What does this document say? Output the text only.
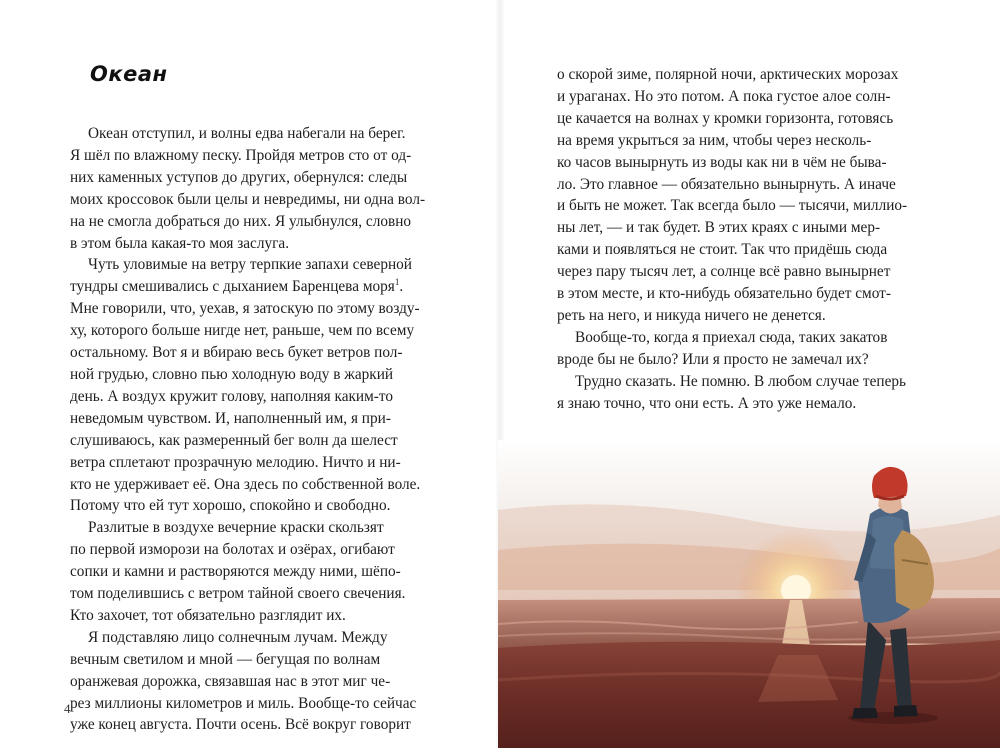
Океан
Океан отступил, и волны едва набегали на берег.
Я шёл по влажному песку. Пройдя метров сто от од-
них каменных уступов до других, обернулся: следы
моих кроссовок были целы и невредимы, ни одна вол-
на не смогла добраться до них. Я улыбнулся, словно
в этом была какая-то моя заслуга.
Чуть уловимые на ветру терпкие запахи северной
тундры смешивались с дыханием Баренцева моря$^1$.
Мне говорили, что, уехав, я затоскую по этому возду-
ху, которого больше нигде нет, раньше, чем по всему
остальному. Вот я и вбираю весь букет ветров пол-
ной грудью, словно пью холодную воду в жаркий
день. А воздух кружит голову, наполняя каким-то
неведомым чувством. И, наполненный им, я при-
слушиваюсь, как размеренный бег волн да шелест
ветра сплетают прозрачную мелодию. Ничто и ни-
кто не удерживает её. Она здесь по собственной воле.
Потому что ей тут хорошо, спокойно и свободно.
Разлитые в воздухе вечерние краски скользят
по первой изморози на болотах и озёрах, огибают
сопки и камни и растворяются между ними, шёпо-
том поделившись с ветром тайной своего свечения.
Кто захочет, тот обязательно разглядит их.
Я подставляю лицо солнечным лучам. Между
вечным светилом и мной — бегущая по волнам
оранжевая дорожка, связавшая нас в этот миг че-
рез миллионы километров и миль. Вообще-то сейчас
уже конец августа. Почти осень. Всё вокруг говорит
4
о скорой зиме, полярной ночи, арктических морозах
и ураганах. Но это потом. А пока густое алое солн-
це качается на волнах у кромки горизонта, готовясь
на время укрыться за ним, чтобы через несколь-
ко часов вынырнуть из воды как ни в чём не быва-
ло. Это главное — обязательно вынырнуть. А иначе
и быть не может. Так всегда было — тысячи, миллио-
ны лет, — и так будет. В этих краях с иными мер-
ками и появляться не стоит. Так что придёшь сюда
через пару тысяч лет, а солнце всё равно вынырнет
в этом месте, и кто-нибудь обязательно будет смот-
реть на него, и никуда ничего не денется.
Вообще-то, когда я приехал сюда, таких закатов
вроде бы не было? Или я просто не замечал их?
Трудно сказать. Не помню. В любом случае теперь
я знаю точно, что они есть. А это уже немало.
